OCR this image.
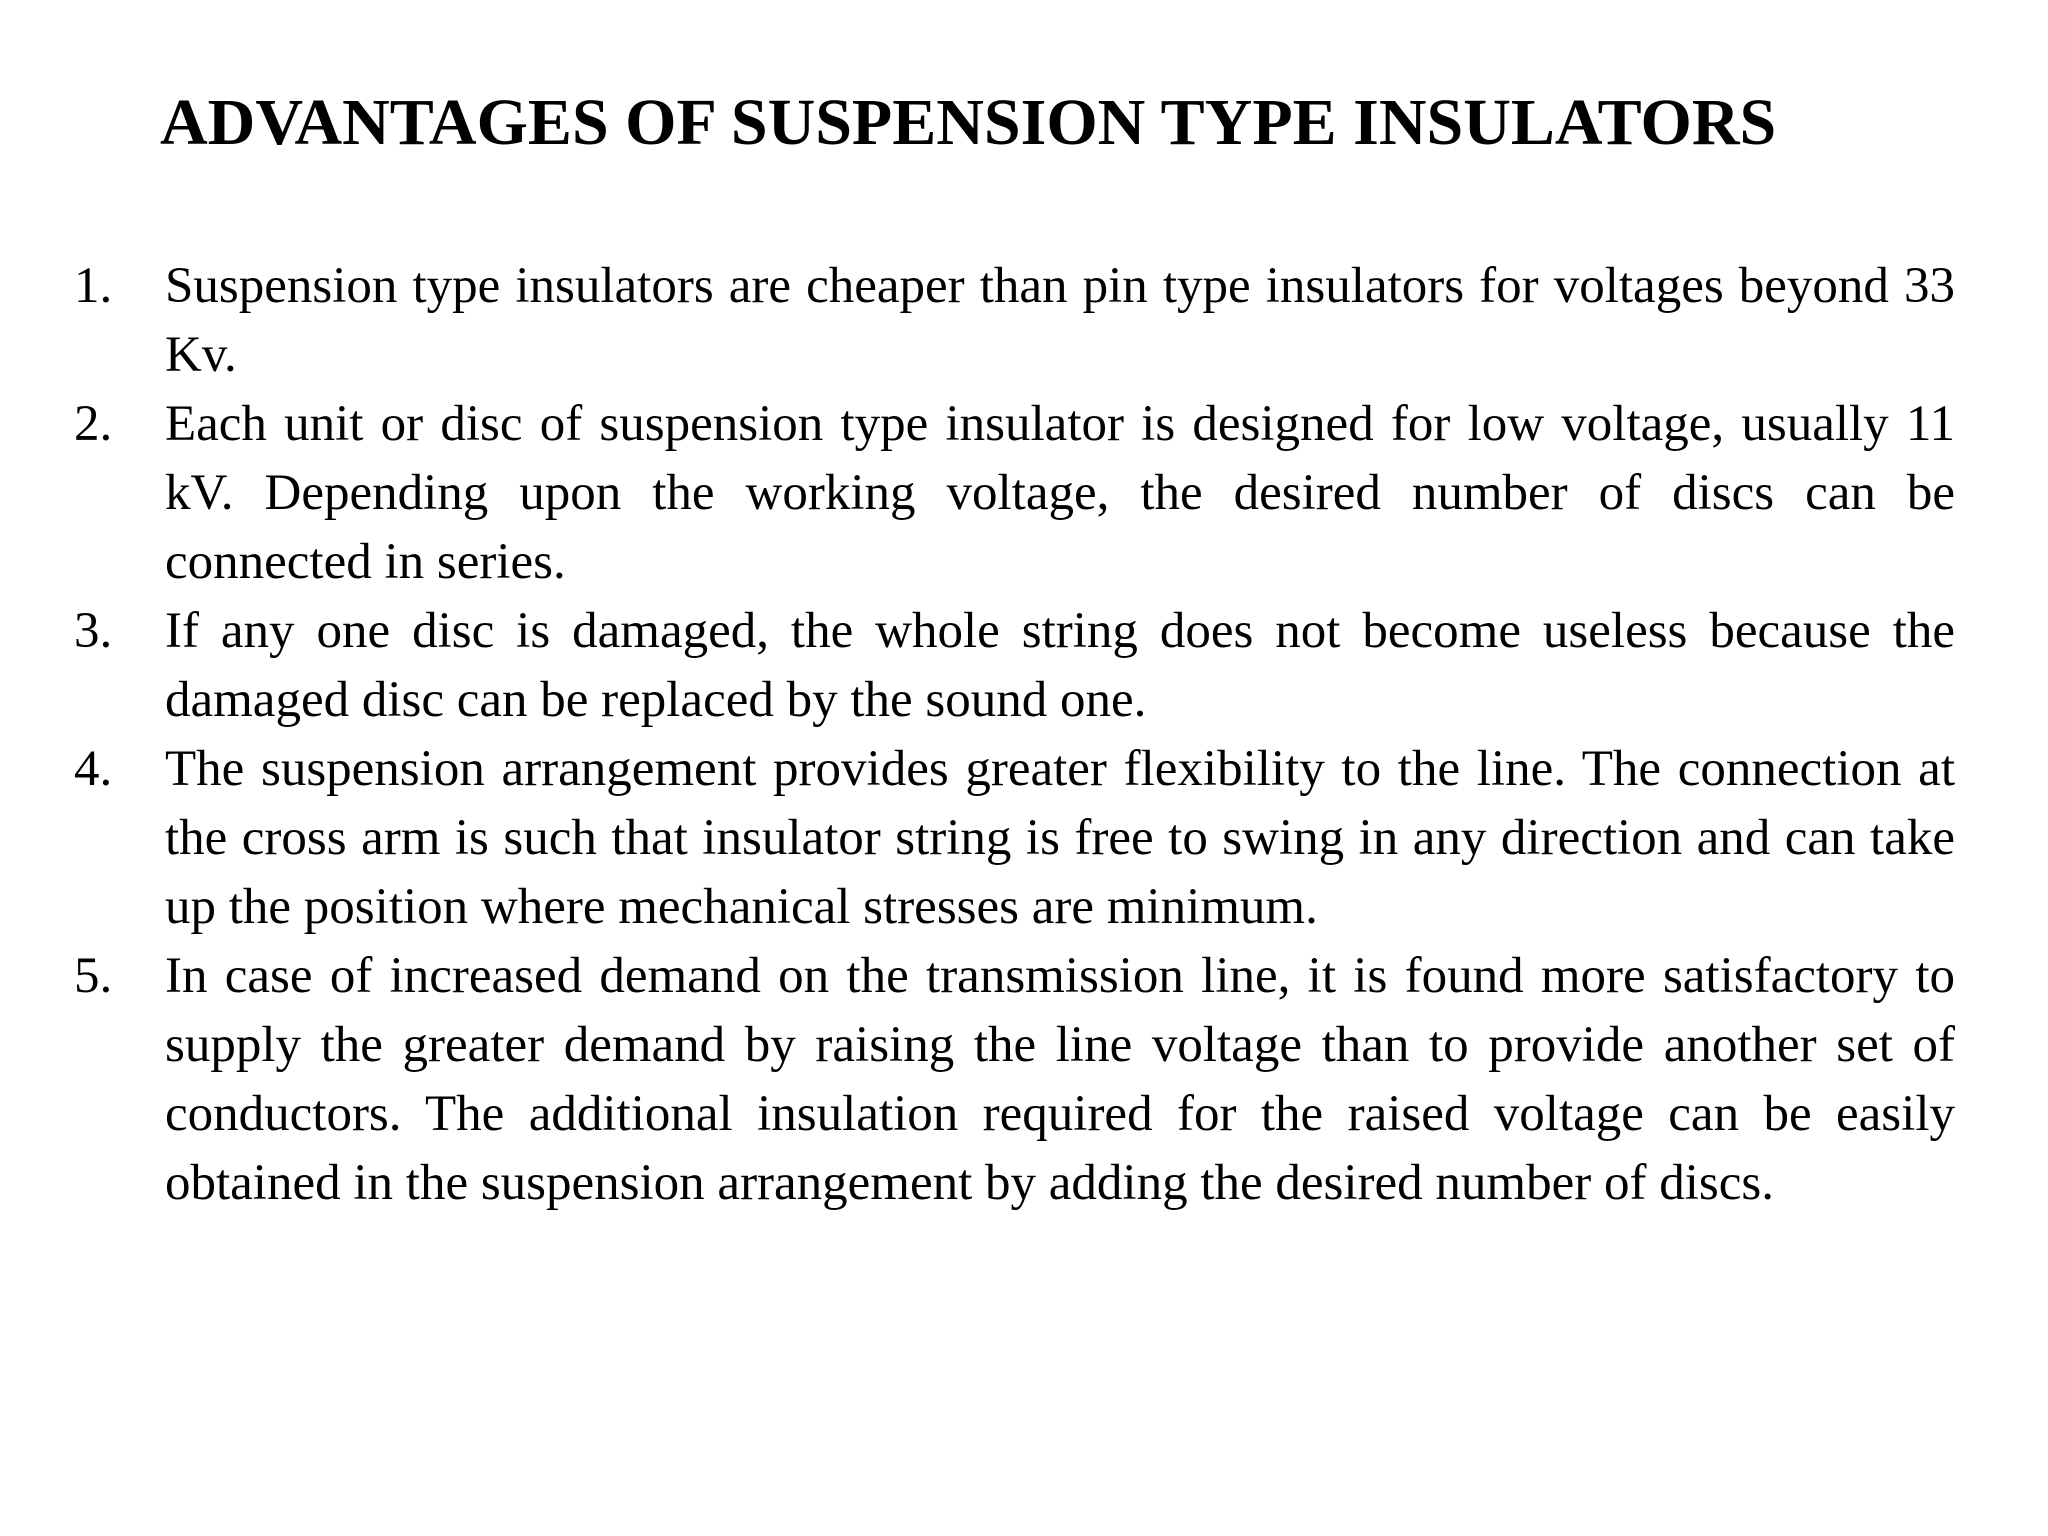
ADVANTAGES OF SUSPENSION TYPE INSULATORS
1. Suspension type insulators are cheaper than pin type insulators for voltages beyond 33 Kv.
2. Each unit or disc of suspension type insulator is designed for low voltage, usually 11 kV. Depending upon the working voltage, the desired number of discs can be connected in series.
3. If any one disc is damaged, the whole string does not become useless because the damaged disc can be replaced by the sound one.
4. The suspension arrangement provides greater flexibility to the line. The connection at the cross arm is such that insulator string is free to swing in any direction and can take up the position where mechanical stresses are minimum.
5. In case of increased demand on the transmission line, it is found more satisfactory to supply the greater demand by raising the line voltage than to provide another set of conductors. The additional insulation required for the raised voltage can be easily obtained in the suspension arrangement by adding the desired number of discs.
